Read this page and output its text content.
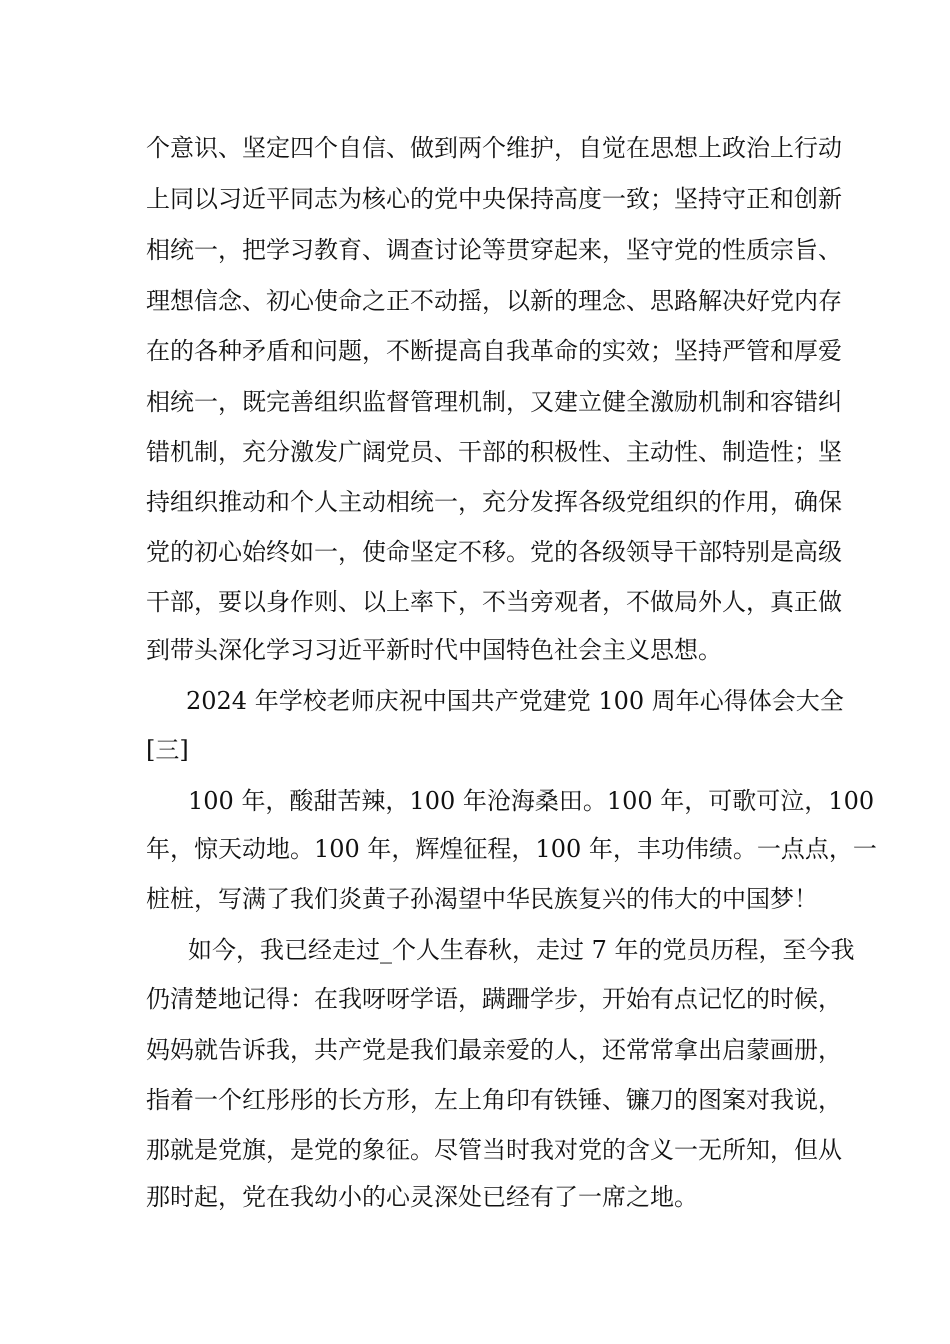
个意识、坚定四个自信、做到两个维护，自觉在思想上政治上行动
上同以习近平同志为核心的党中央保持高度一致；坚持守正和创新
相统一，把学习教育、调查讨论等贯穿起来，坚守党的性质宗旨、
理想信念、初心使命之正不动摇，以新的理念、思路解决好党内存
在的各种矛盾和问题，不断提高自我革命的实效；坚持严管和厚爱
相统一，既完善组织监督管理机制，又建立健全激励机制和容错纠
错机制，充分激发广阔党员、干部的积极性、主动性、制造性；坚
持组织推动和个人主动相统一，充分发挥各级党组织的作用，确保
党的初心始终如一，使命坚定不移。党的各级领导干部特别是高级
干部，要以身作则、以上率下，不当旁观者，不做局外人，真正做
到带头深化学习习近平新时代中国特色社会主义思想。
2024 年学校老师庆祝中国共产党建党 100 周年心得体会大全
[三]
100 年，酸甜苦辣，100 年沧海桑田。100 年，可歌可泣，100
年，惊天动地。100 年，辉煌征程，100 年，丰功伟绩。一点点，一
桩桩，写满了我们炎黄子孙渴望中华民族复兴的伟大的中国梦！
如今，我已经走过_个人生春秋，走过 7 年的党员历程，至今我
仍清楚地记得：在我呀呀学语，蹒跚学步，开始有点记忆的时候，
妈妈就告诉我，共产党是我们最亲爱的人，还常常拿出启蒙画册，
指着一个红彤彤的长方形，左上角印有铁锤、镰刀的图案对我说，
那就是党旗，是党的象征。尽管当时我对党的含义一无所知，但从
那时起，党在我幼小的心灵深处已经有了一席之地。
